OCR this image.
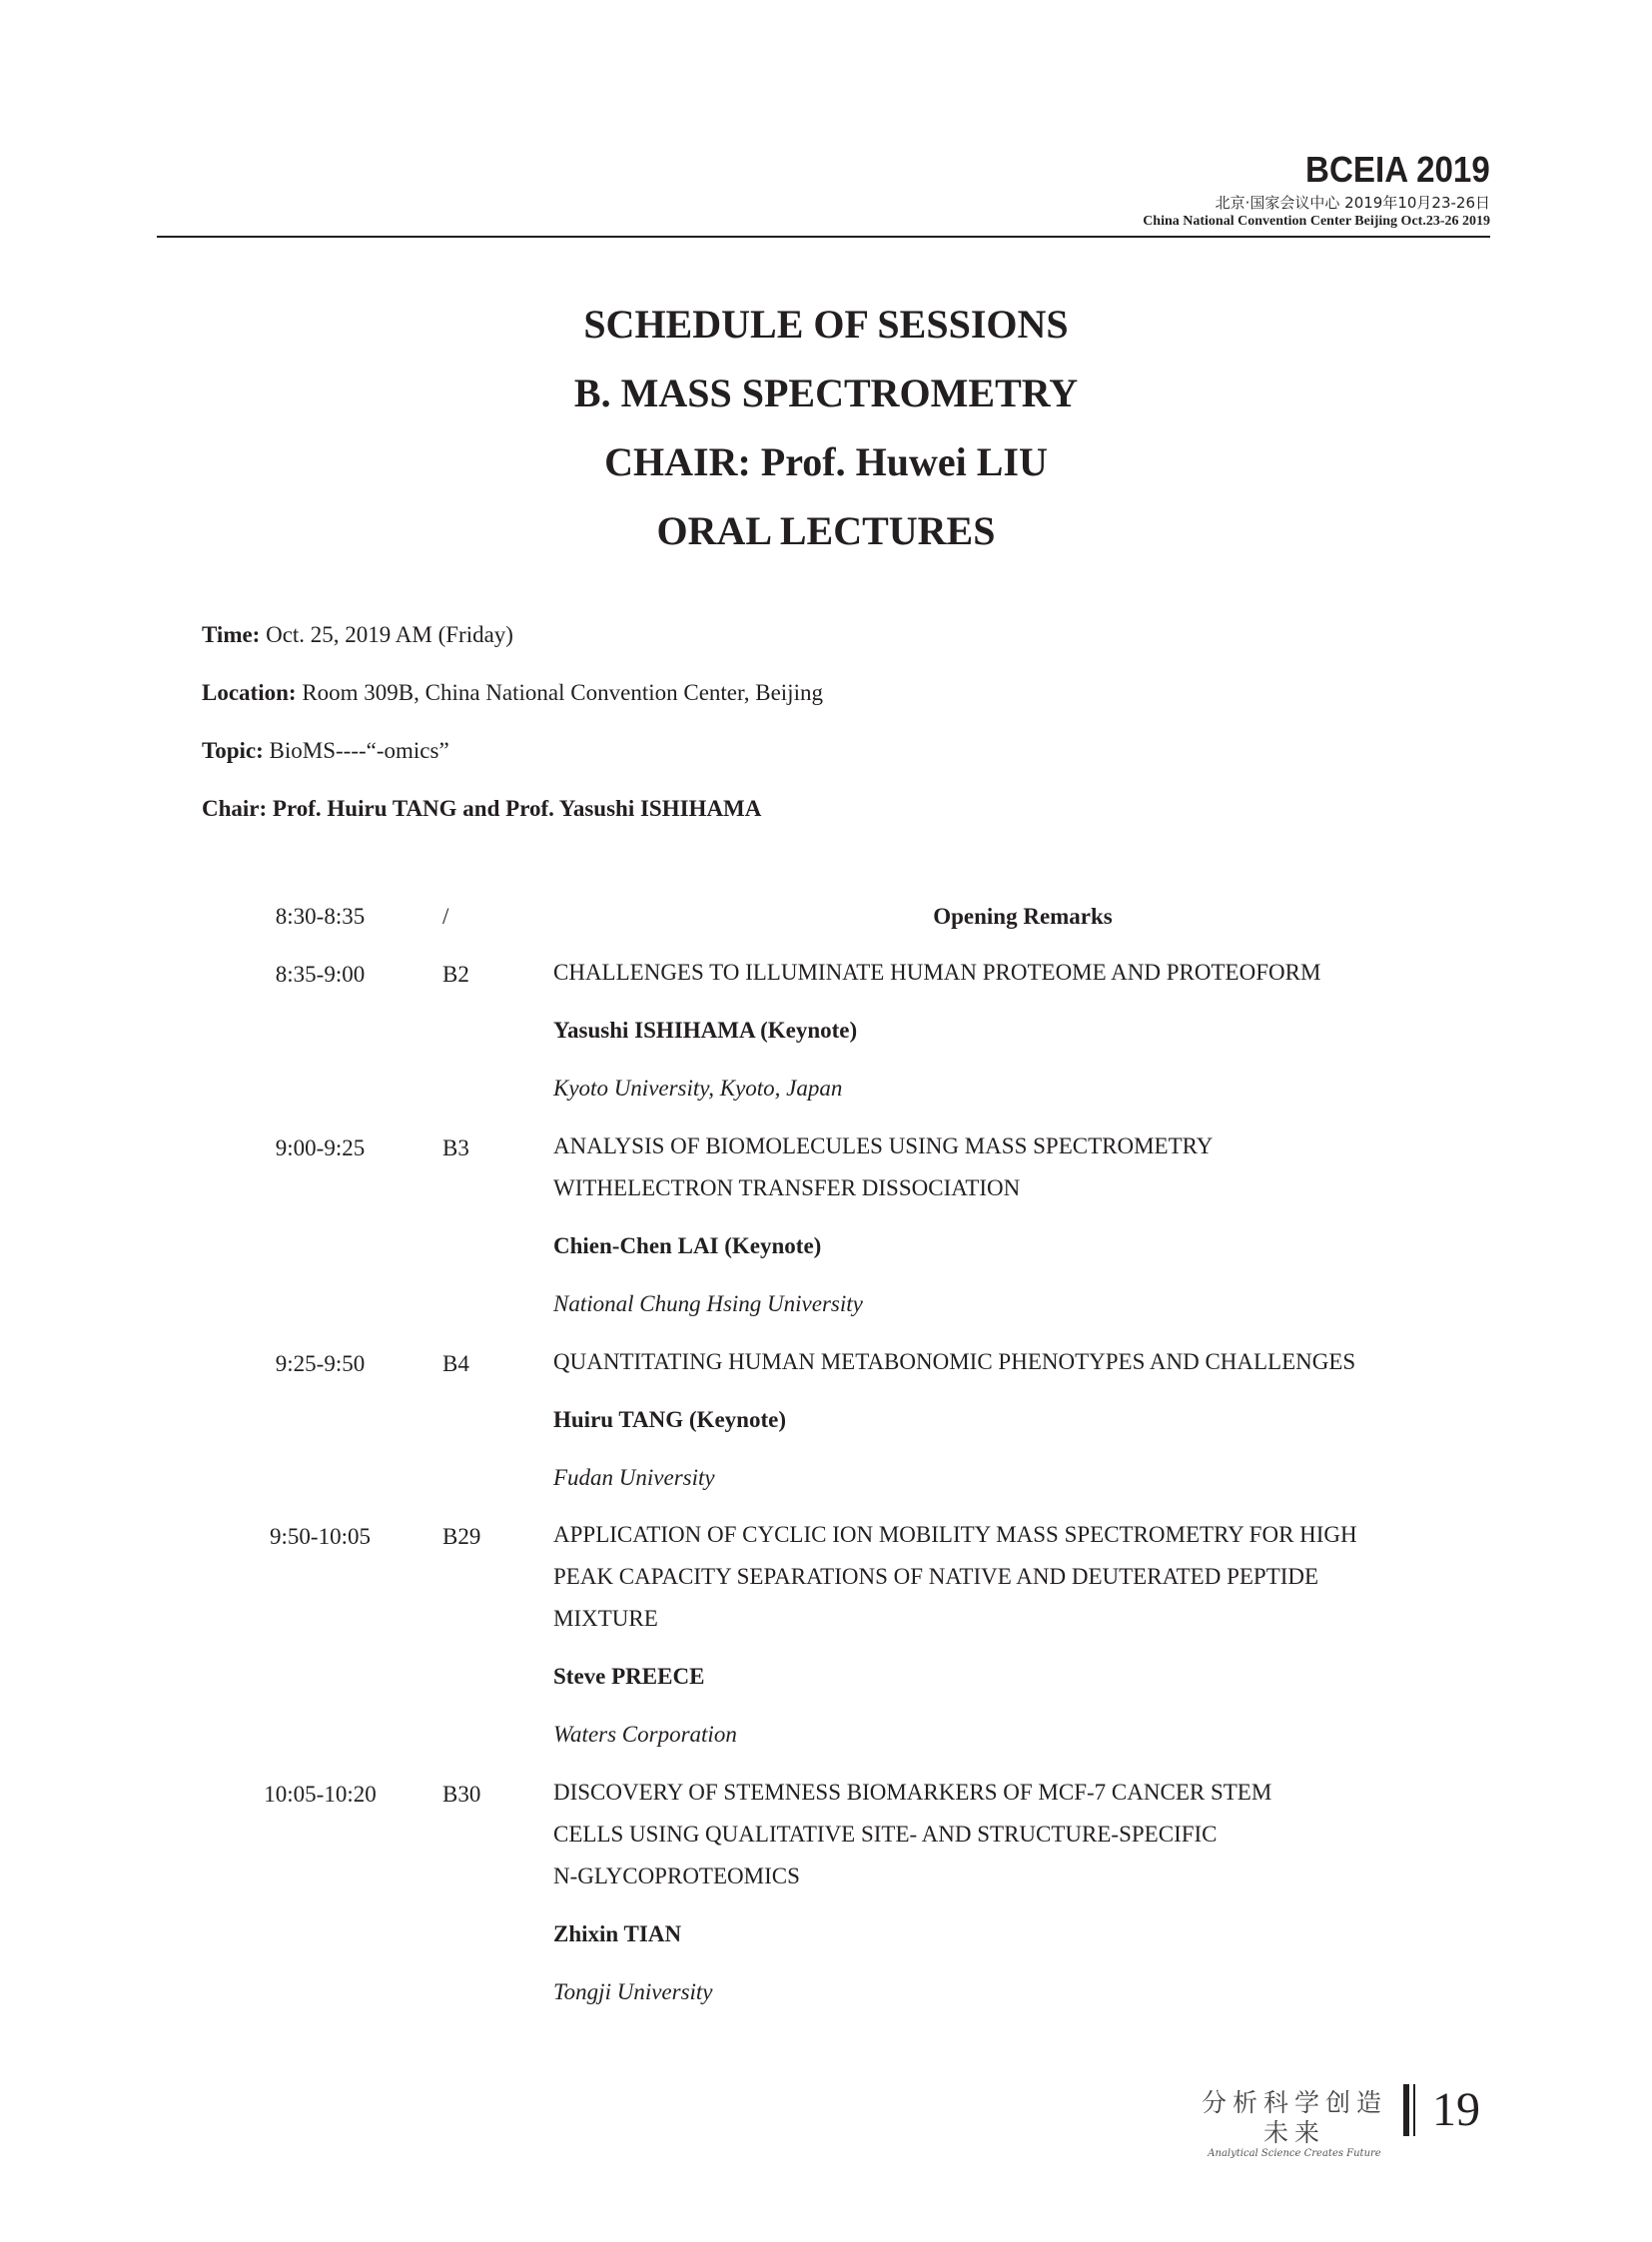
BCEIA 2019
北京·国家会议中心 2019年10月23-26日
China National Convention Center Beijing Oct.23-26 2019
SCHEDULE OF SESSIONS
B. MASS SPECTROMETRY
CHAIR: Prof. Huwei LIU
ORAL LECTURES
Time: Oct. 25, 2019 AM (Friday)
Location: Room 309B, China National Convention Center, Beijing
Topic: BioMS----“-omics”
Chair: Prof. Huiru TANG and Prof. Yasushi ISHIHAMA
8:30-8:35	/	Opening Remarks
8:35-9:00	B2	CHALLENGES TO ILLUMINATE HUMAN PROTEOME AND PROTEOFORM
Yasushi ISHIHAMA (Keynote)
Kyoto University, Kyoto, Japan
9:00-9:25	B3	ANALYSIS OF BIOMOLECULES USING MASS SPECTROMETRY
WITHELECTRON TRANSFER DISSOCIATION
Chien-Chen LAI (Keynote)
National Chung Hsing University
9:25-9:50	B4	QUANTITATING HUMAN METABONOMIC PHENOTYPES AND CHALLENGES
Huiru TANG (Keynote)
Fudan University
9:50-10:05	B29	APPLICATION OF CYCLIC ION MOBILITY MASS SPECTROMETRY FOR HIGH
PEAK CAPACITY SEPARATIONS OF NATIVE AND DEUTERATED PEPTIDE
MIXTURE
Steve PREECE
Waters Corporation
10:05-10:20	B30	DISCOVERY OF STEMNESS BIOMARKERS OF MCF-7 CANCER STEM
CELLS USING QUALITATIVE SITE- AND STRUCTURE-SPECIFIC
N-GLYCOPROTEOMICS
Zhixin TIAN
Tongji University
分析科学创造未来
Analytical Science Creates Future
19
